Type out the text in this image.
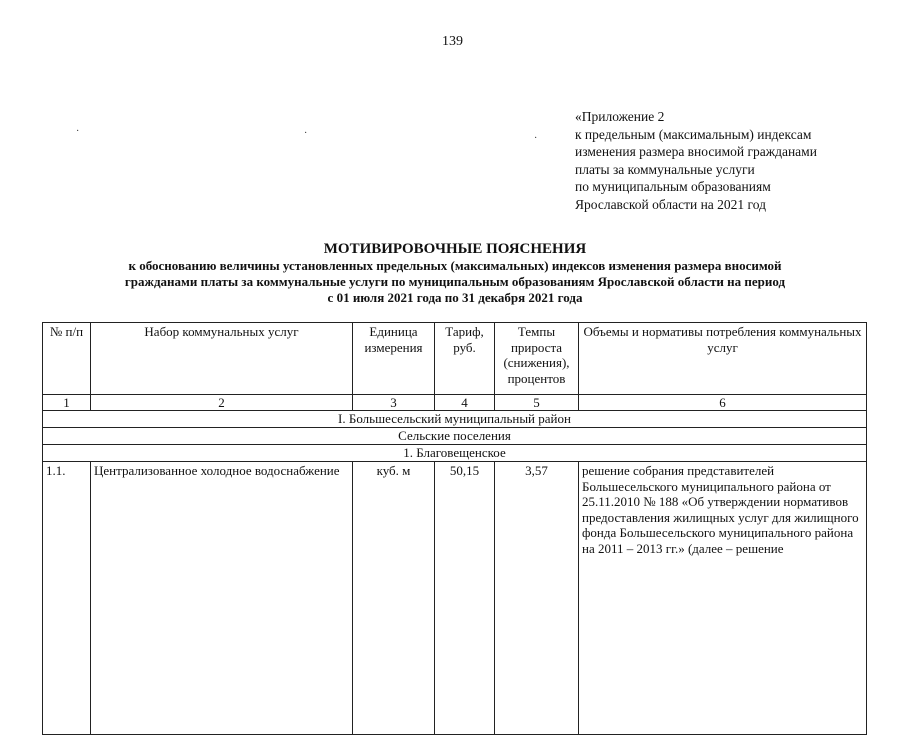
139
·	·	·
«Приложение 2
к предельным (максимальным) индексам
изменения размера вносимой гражданами
платы за коммунальные услуги
по муниципальным образованиям
Ярославской области на 2021 год
МОТИВИРОВОЧНЫЕ ПОЯСНЕНИЯ
к обоснованию величины установленных предельных (максимальных) индексов изменения размера вносимой
гражданами платы за коммунальные услуги по муниципальным образованиям Ярославской области на период
с 01 июля 2021 года по 31 декабря 2021 года
№ п/п	Набор коммунальных услуг	Единица измерения	Тариф, руб.	Темпы прироста (снижения), процентов	Объемы и нормативы потребления коммунальных услуг
1	2	3	4	5	6
I. Большесельский муниципальный район					
Сельские поселения					
1. Благовещенское					
1.1.	Централизованное холодное водоснабжение	куб. м	50,15	3,57	решение собрания представителей Большесельского муниципального района от 25.11.2010 № 188 «Об утверждении нормативов предоставления жилищных услуг для жилищного фонда Большесельского муниципального района на 2011 – 2013 гг.» (далее – решение
